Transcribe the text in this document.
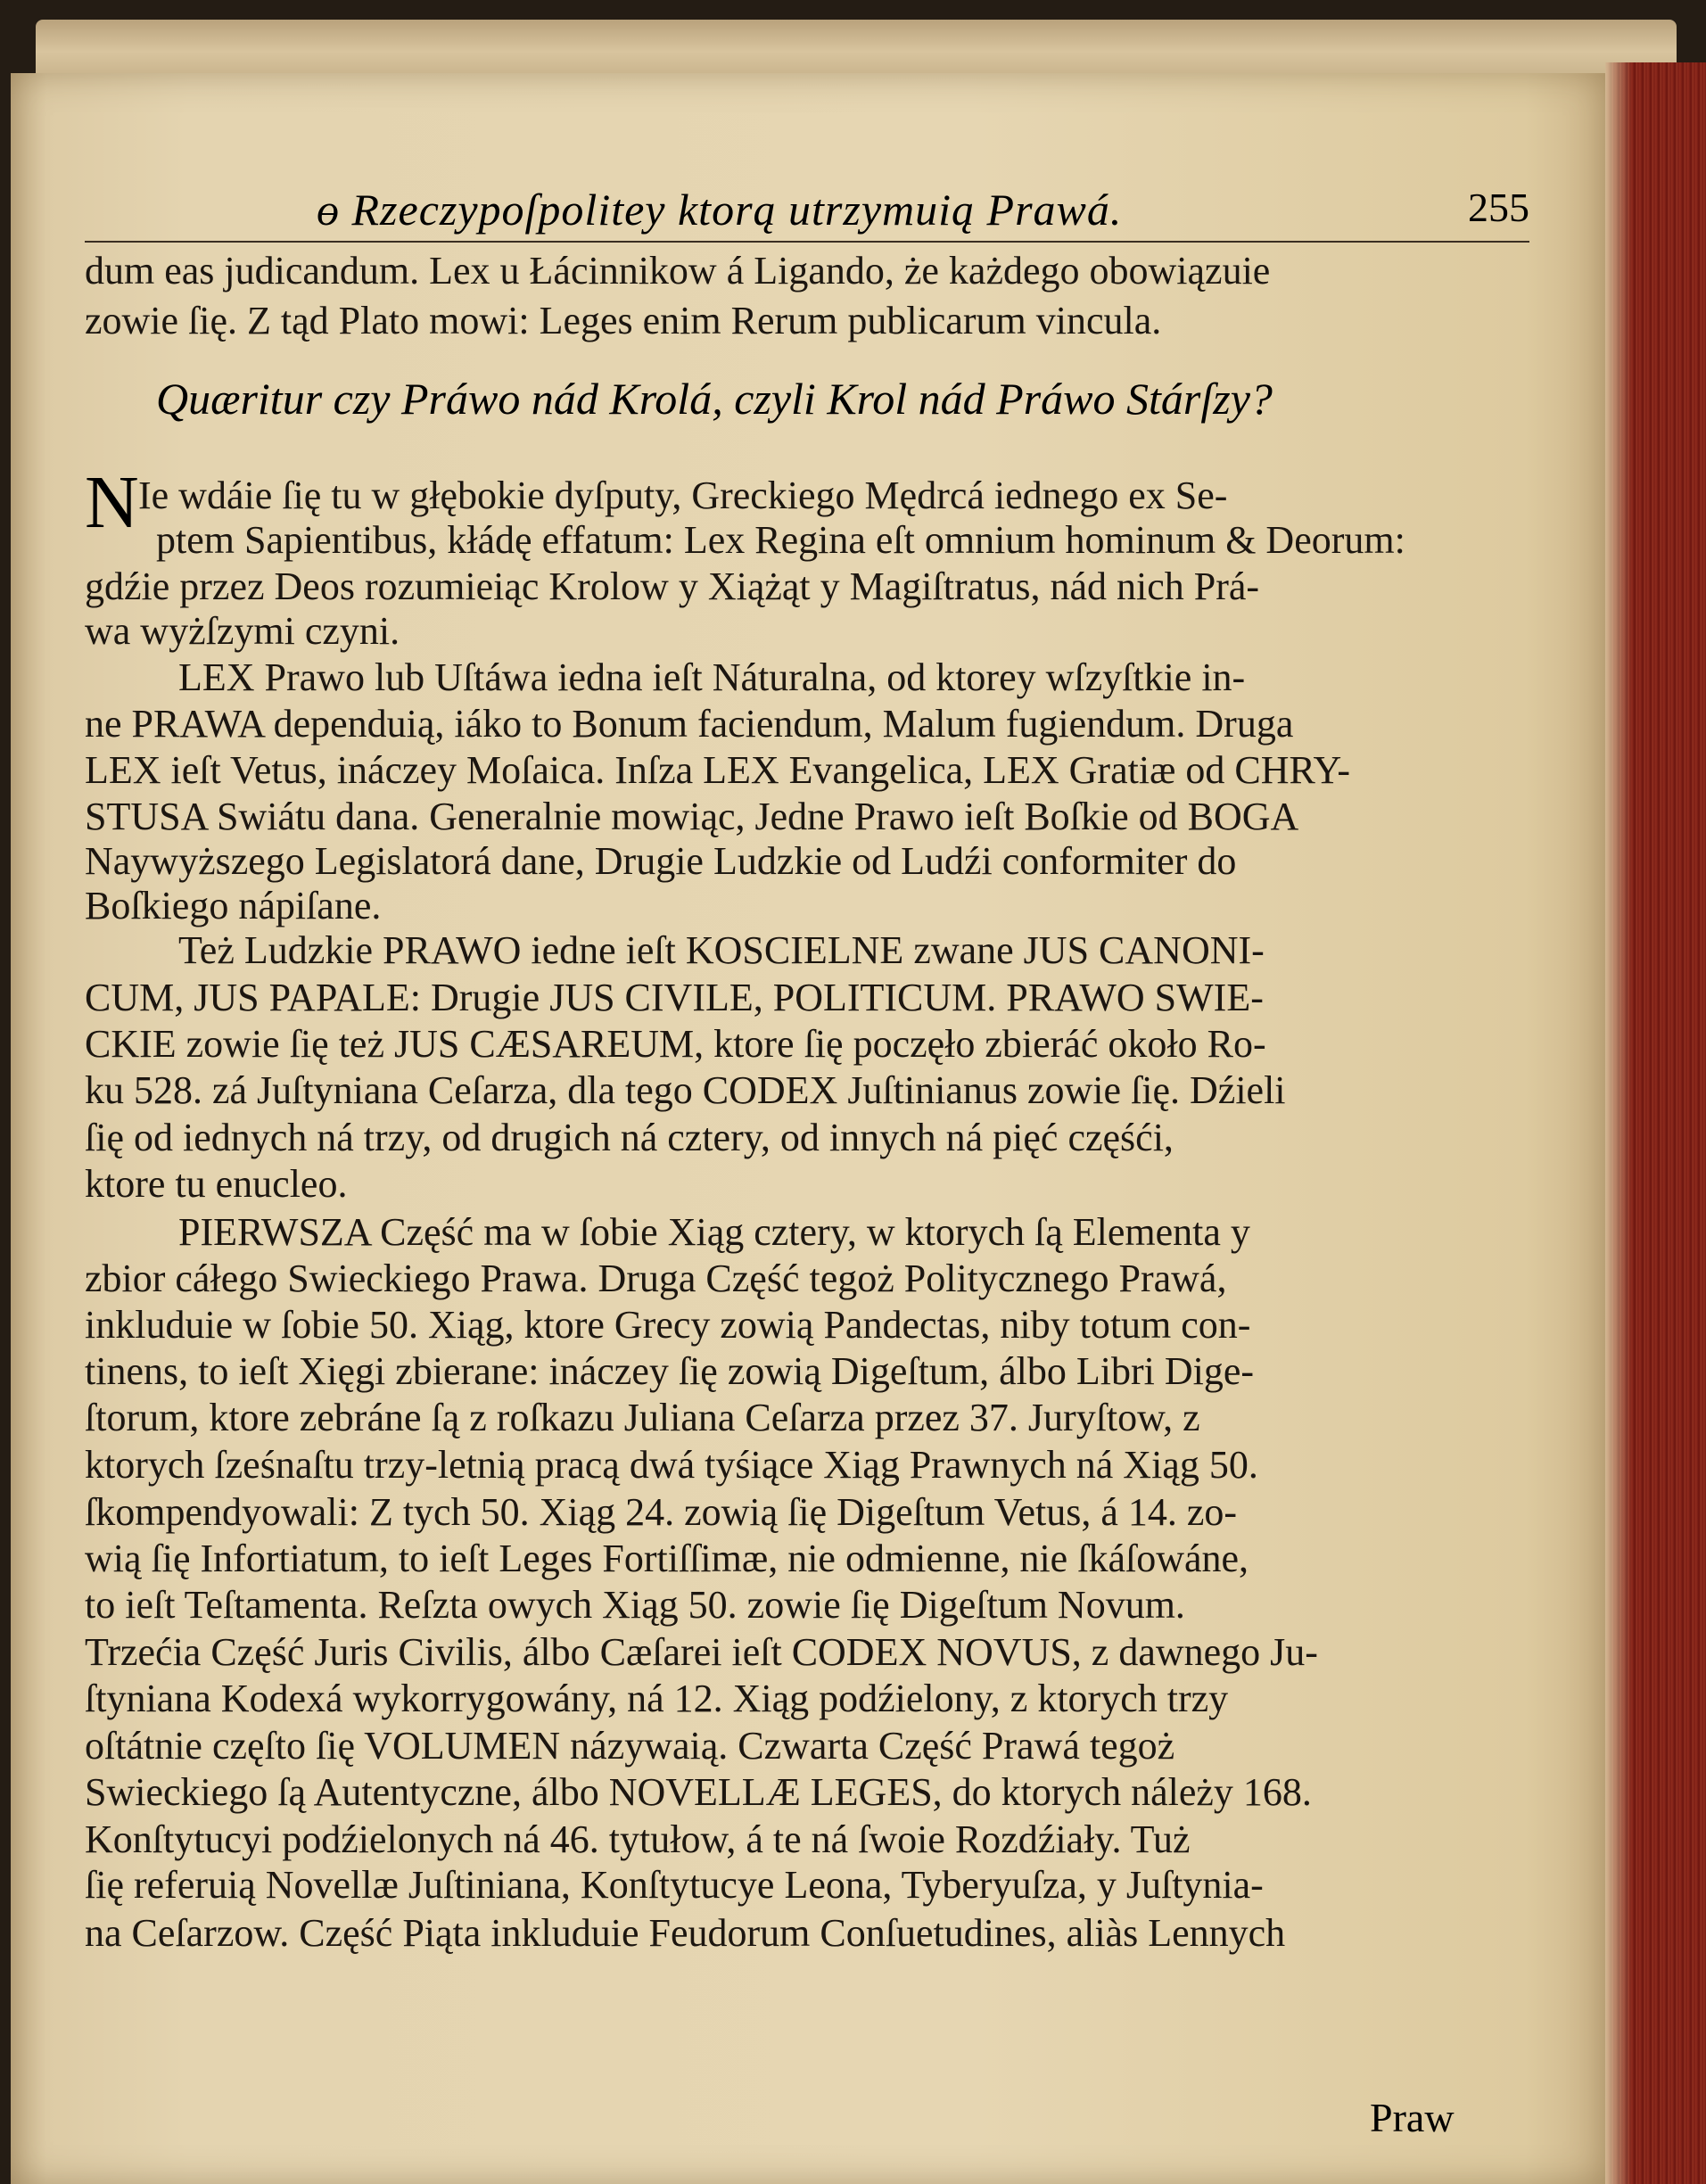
ɵ Rzeczypoſpolitey ktorą utrzymuią Prawá.	255
dum eas judicandum. Lex u Łácinnikow á Ligando, że każdego obowiązuie
zowie ſię. Z tąd Plato mowi: Leges enim Rerum publicarum vincula.
Quæritur czy Práwo nád Krolá, czyli Krol nád Práwo Stárſzy?
N Ie wdáie ſię tu w głębokie dyſputy, Greckiego Mędrcá iednego ex Se-
ptem Sapientibus, kłádę effatum: Lex Regina eſt omnium hominum & Deorum:
gdźie przez Deos rozumieiąc Krolow y Xiążąt y Magiſtratus, nád nich Prá-
wa wyżſzymi czyni.
LEX Prawo lub Uſtáwa iedna ieſt Náturalna, od ktorey wſzyſtkie in-
ne PRAWA dependuią, iáko to Bonum faciendum, Malum fugiendum. Druga
LEX ieſt Vetus, ináczey Moſaica. Inſza LEX Evangelica, LEX Gratiæ od CHRY-
STUSA Swiátu dana. Generalnie mowiąc, Jedne Prawo ieſt Boſkie od BOGA
Naywyższego Legislatorá dane, Drugie Ludzkie od Ludźi conformiter do
Boſkiego nápiſane.
Też Ludzkie PRAWO iedne ieſt KOSCIELNE zwane JUS CANONI-
CUM, JUS PAPALE: Drugie JUS CIVILE, POLITICUM. PRAWO SWIE-
CKIE zowie ſię też JUS CÆSAREUM, ktore ſię poczęło zbieráć około Ro-
ku 528. zá Juſtyniana Ceſarza, dla tego CODEX Juſtinianus zowie ſię. Dźieli
ſię od iednych ná trzy, od drugich ná cztery, od innych ná pięć częśći,
ktore tu enucleo.
PIERWSZA Część ma w ſobie Xiąg cztery, w ktorych ſą Elementa y
zbior cáłego Swieckiego Prawa. Druga Część tegoż Politycznego Prawá,
inkluduie w ſobie 50. Xiąg, ktore Grecy zowią Pandectas, niby totum con-
tinens, to ieſt Xięgi zbierane: ináczey ſię zowią Digeſtum, álbo Libri Dige-
ſtorum, ktore zebráne ſą z roſkazu Juliana Ceſarza przez 37. Juryſtow, z
ktorych ſześnaſtu trzy-letnią pracą dwá tyśiące Xiąg Prawnych ná Xiąg 50.
ſkompendyowali: Z tych 50. Xiąg 24. zowią ſię Digeſtum Vetus, á 14. zo-
wią ſię Infortiatum, to ieſt Leges Fortiſſimæ, nie odmienne, nie ſkáſowáne,
to ieſt Teſtamenta. Reſzta owych Xiąg 50. zowie ſię Digeſtum Novum.
Trzećia Część Juris Civilis, álbo Cæſarei ieſt CODEX NOVUS, z dawnego Ju-
ſtyniana Kodexá wykorrygowány, ná 12. Xiąg podźielony, z ktorych trzy
oſtátnie częſto ſię VOLUMEN názywaią. Czwarta Część Prawá tegoż
Swieckiego ſą Autentyczne, álbo NOVELLÆ LEGES, do ktorych náleży 168.
Konſtytucyi podźielonych ná 46. tytułow, á te ná ſwoie Rozdźiały. Tuż
ſię referuią Novellæ Juſtiniana, Konſtytucye Leona, Tyberyuſza, y Juſtynia-
na Ceſarzow. Część Piąta inkluduie Feudorum Conſuetudines, aliàs Lennych
Praw
